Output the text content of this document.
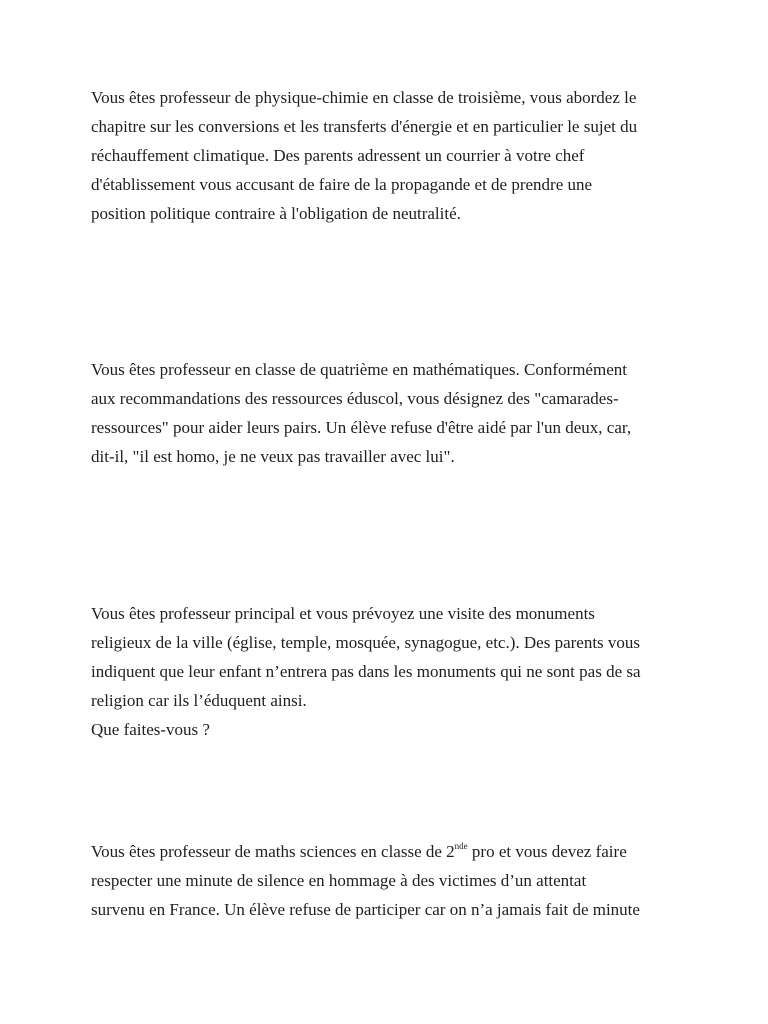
Vous êtes professeur de physique-chimie en classe de troisième, vous abordez le
chapitre sur les conversions et les transferts d'énergie et en particulier le sujet du
réchauffement climatique. Des parents adressent un courrier à votre chef
d'établissement vous accusant de faire de la propagande et de prendre une
position politique contraire à l'obligation de neutralité.
Vous êtes professeur en classe de quatrième en mathématiques. Conformément
aux recommandations des ressources éduscol, vous désignez des "camarades-
ressources" pour aider leurs pairs. Un élève refuse d'être aidé par l'un deux, car,
dit-il, "il est homo, je ne veux pas travailler avec lui".
Vous êtes professeur principal et vous prévoyez une visite des monuments
religieux de la ville (église, temple, mosquée, synagogue, etc.). Des parents vous
indiquent que leur enfant n’entrera pas dans les monuments qui ne sont pas de sa
religion car ils l’éduquent ainsi.
Que faites-vous ?
Vous êtes professeur de maths sciences en classe de 2nde pro et vous devez faire
respecter une minute de silence en hommage à des victimes d’un attentat
survenu en France. Un élève refuse de participer car on n’a jamais fait de minute
